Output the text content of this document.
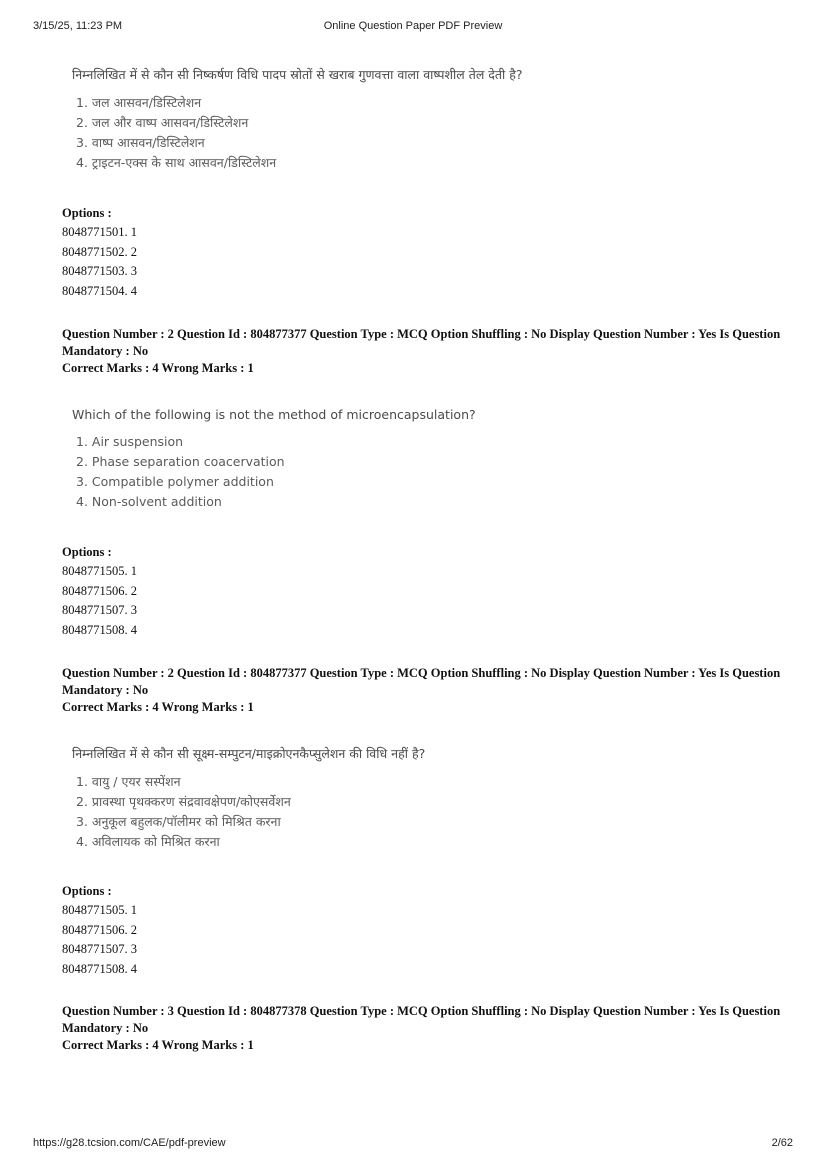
3/15/25, 11:23 PM	Online Question Paper PDF Preview
निम्नलिखित में से कौन सी निष्कर्षण विधि पादप स्रोतों से खराब गुणवत्ता वाला वाष्पशील तेल देती है?
1. जल आसवन/डिस्टिलेशन
2. जल और वाष्प आसवन/डिस्टिलेशन
3. वाष्प आसवन/डिस्टिलेशन
4. ट्राइटन-एक्स के साथ आसवन/डिस्टिलेशन
Options :
8048771501. 1
8048771502. 2
8048771503. 3
8048771504. 4
Question Number : 2 Question Id : 804877377 Question Type : MCQ Option Shuffling : No Display Question Number : Yes Is Question Mandatory : No
Correct Marks : 4 Wrong Marks : 1
Which of the following is not the method of microencapsulation?
1. Air suspension
2. Phase separation coacervation
3. Compatible polymer addition
4. Non-solvent addition
Options :
8048771505. 1
8048771506. 2
8048771507. 3
8048771508. 4
Question Number : 2 Question Id : 804877377 Question Type : MCQ Option Shuffling : No Display Question Number : Yes Is Question Mandatory : No
Correct Marks : 4 Wrong Marks : 1
निम्नलिखित में से कौन सी सूक्ष्म-सम्पुटन/माइक्रोएनकैप्सुलेशन की विधि नहीं है?
1. वायु / एयर सस्पेंशन
2. प्रावस्था पृथक्करण संद्रवावक्षेपण/कोएसर्वेशन
3. अनुकूल बहुलक/पॉलीमर को मिश्रित करना
4. अविलायक को मिश्रित करना
Options :
8048771505. 1
8048771506. 2
8048771507. 3
8048771508. 4
Question Number : 3 Question Id : 804877378 Question Type : MCQ Option Shuffling : No Display Question Number : Yes Is Question Mandatory : No
Correct Marks : 4 Wrong Marks : 1
https://g28.tcsion.com/CAE/pdf-preview	2/62
